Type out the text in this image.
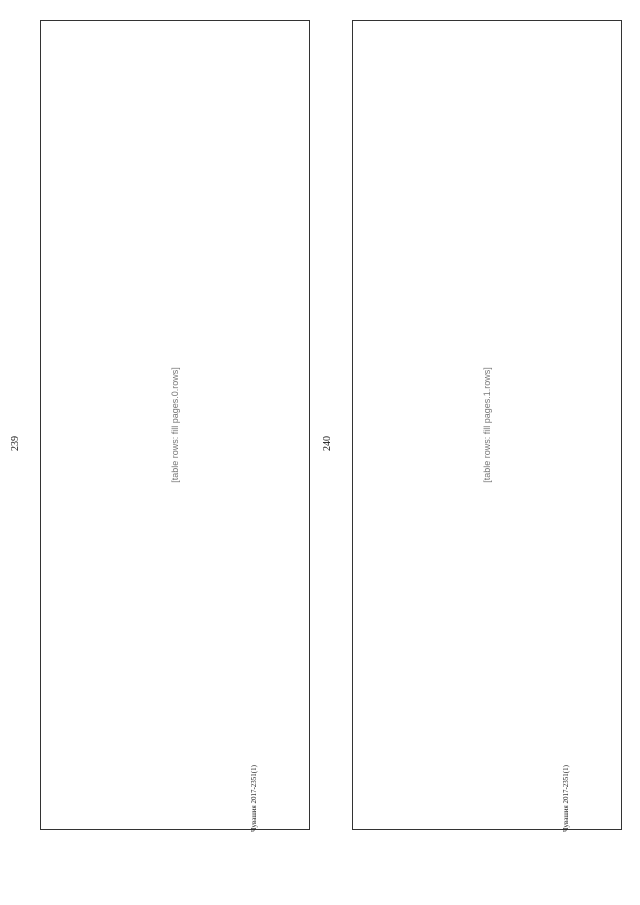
239	[table rows: fill pages.0.rows]
Чувашия 2017-2351(1)
240	[table rows: fill pages.1.rows]
Чувашия 2017-2351(1)
